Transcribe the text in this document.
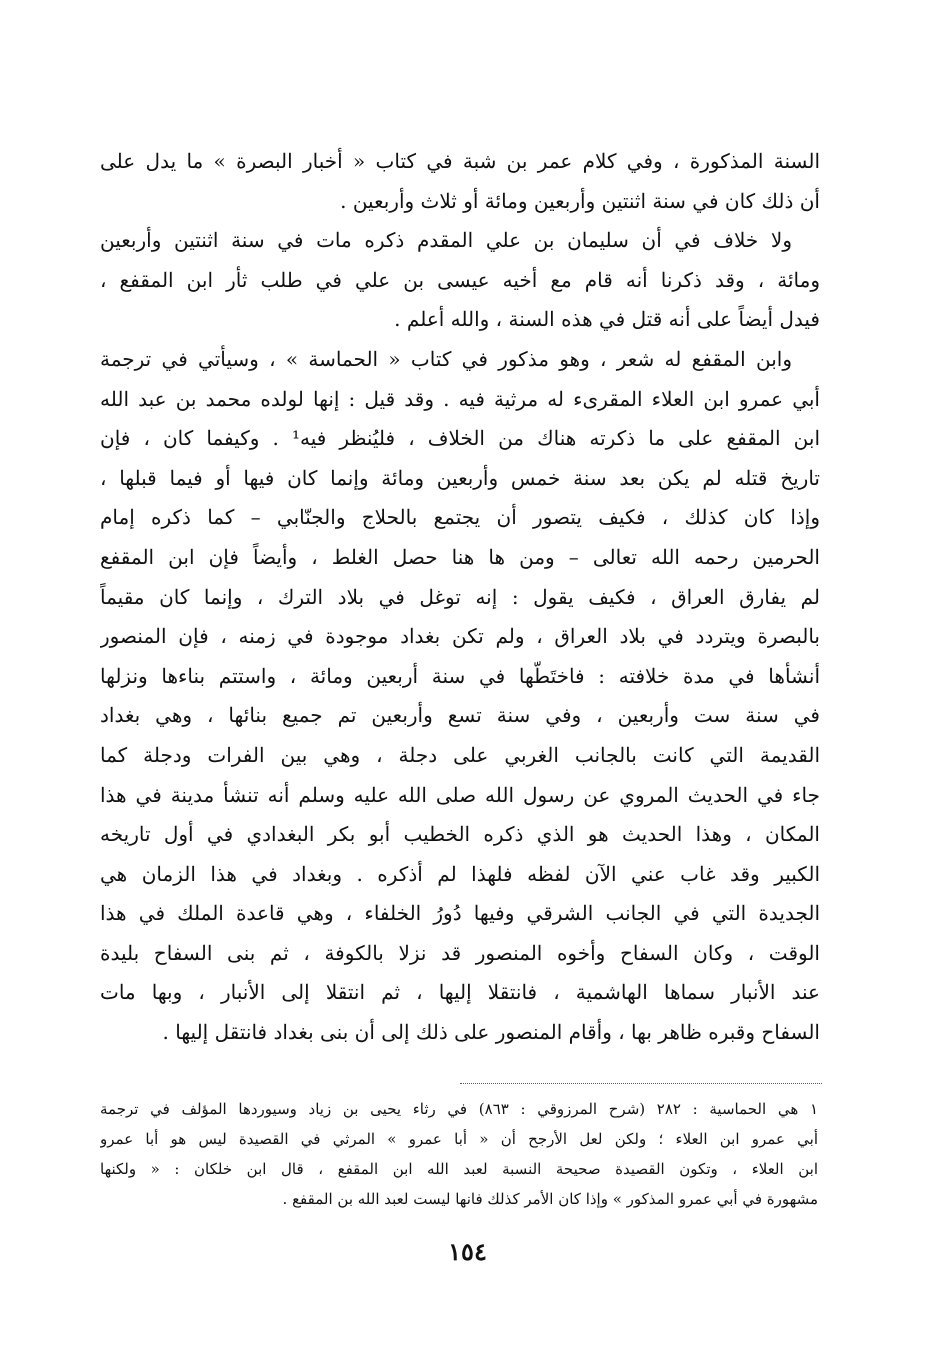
السنة المذكورة ، وفي كلام عمر بن شبة في كتاب « أخبار البصرة » ما يدل على
أن ذلك كان في سنة اثنتين وأربعين ومائة أو ثلاث وأربعين .
ولا خلاف في أن سليمان بن علي المقدم ذكره مات في سنة اثنتين وأربعين
ومائة ، وقد ذكرنا أنه قام مع أخيه عيسى بن علي في طلب ثأر ابن المقفع ،
فيدل أيضاً على أنه قتل في هذه السنة ، والله أعلم .
وابن المقفع له شعر ، وهو مذكور في كتاب « الحماسة » ، وسيأتي في ترجمة
أبي عمرو ابن العلاء المقرىء له مرثية فيه . وقد قيل : إنها لولده محمد بن عبد الله
ابن المقفع على ما ذكرته هناك من الخلاف ، فليُنظر فيه¹ . وكيفما كان ، فإن
تاريخ قتله لم يكن بعد سنة خمس وأربعين ومائة وإنما كان فيها أو فيما قبلها ،
وإذا كان كذلك ، فكيف يتصور أن يجتمع بالحلاج والجنّابي – كما ذكره إمام
الحرمين رحمه الله تعالى – ومن ها هنا حصل الغلط ، وأيضاً فإن ابن المقفع
لم يفارق العراق ، فكيف يقول : إنه توغل في بلاد الترك ، وإنما كان مقيماً
بالبصرة ويتردد في بلاد العراق ، ولم تكن بغداد موجودة في زمنه ، فإن المنصور
أنشأها في مدة خلافته : فاختَطّها في سنة أربعين ومائة ، واستتم بناءها ونزلها
في سنة ست وأربعين ، وفي سنة تسع وأربعين تم جميع بنائها ، وهي بغداد
القديمة التي كانت بالجانب الغربي على دجلة ، وهي بين الفرات ودجلة كما
جاء في الحديث المروي عن رسول الله صلى الله عليه وسلم أنه تنشأ مدينة في هذا
المكان ، وهذا الحديث هو الذي ذكره الخطيب أبو بكر البغدادي في أول تاريخه
الكبير وقد غاب عني الآن لفظه فلهذا لم أذكره . وبغداد في هذا الزمان هي
الجديدة التي في الجانب الشرقي وفيها دُورُ الخلفاء ، وهي قاعدة الملك في هذا
الوقت ، وكان السفاح وأخوه المنصور قد نزلا بالكوفة ، ثم بنى السفاح بليدة
عند الأنبار سماها الهاشمية ، فانتقلا إليها ، ثم انتقلا إلى الأنبار ، وبها مات
السفاح وقبره ظاهر بها ، وأقام المنصور على ذلك إلى أن بنى بغداد فانتقل إليها .
١ هي الحماسية : ٢٨٢ (شرح المرزوقي : ٨٦٣) في رثاء يحيى بن زياد وسيوردها المؤلف في ترجمة
أبي عمرو ابن العلاء ؛ ولكن لعل الأرجح أن « أبا عمرو » المرثي في القصيدة ليس هو أبا عمرو
ابن العلاء ، وتكون القصيدة صحيحة النسبة لعبد الله ابن المقفع ، قال ابن خلكان : « ولكنها
مشهورة في أبي عمرو المذكور » وإذا كان الأمر كذلك فانها ليست لعبد الله بن المقفع .
١٥٤
